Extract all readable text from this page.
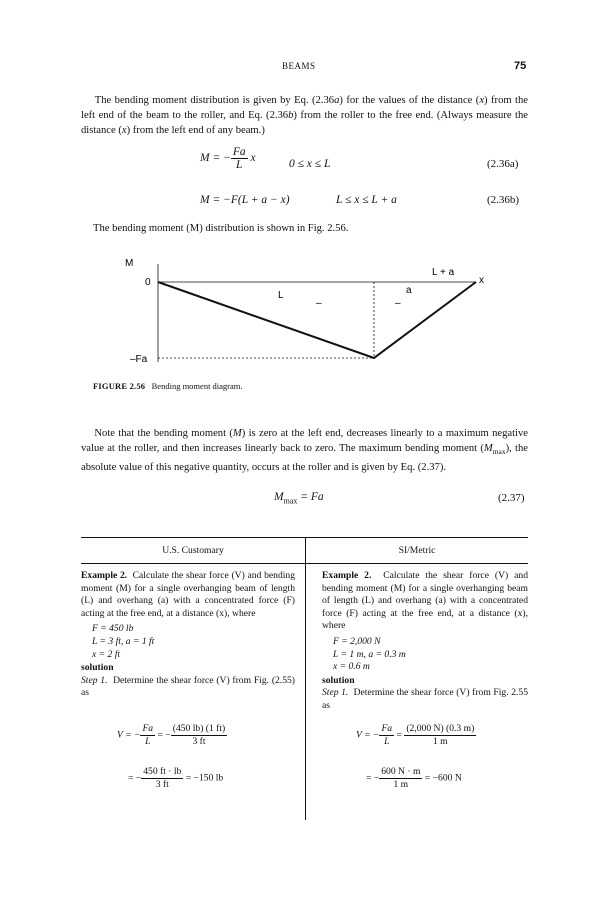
BEAMS	75
The bending moment distribution is given by Eq. (2.36a) for the values of the distance (x) from the left end of the beam to the roller, and Eq. (2.36b) from the roller to the free end. (Always measure the distance (x) from the left end of any beam.)
M = − $\frac{Fa}{L}$ x	0 ≤ x ≤ L	(2.36a)
M = −F(L + a − x)	L ≤ x ≤ L + a	(2.36b)
The bending moment (M) distribution is shown in Fig. 2.56.
M
0	x
L + a
L	a
–	–
–Fa
FIGURE 2.56 Bending moment diagram.
Note that the bending moment (M) is zero at the left end, decreases linearly to a maximum negative value at the roller, and then increases linearly back to zero. The maximum bending moment $(M_{max})$, the absolute value of this negative quantity, occurs at the roller and is given by Eq. (2.37).
$M_{max} = Fa$	(2.37)
U.S. Customary	SI/Metric
Example 2. Calculate the shear force (V) and bending moment (M) for a single overhanging beam of length (L) and overhang (a) with a concentrated force (F) acting at the free end, at a distance (x), where
F = 450 lb
L = 3 ft, a = 1 ft
x = 2 ft
solution
Step 1. Determine the shear force (V) from Fig. (2.55) as
V = − $\frac{Fa}{L}$ = − $\frac{(450 lb) (1 ft)}{3 ft}$
= − $\frac{450 ft \cdot lb}{3 ft} = -150$ lb
Example 2. Calculate the shear force (V) and bending moment (M) for a single overhanging beam of length (L) and overhang (a) with a concentrated force (F) acting at the free end, at a distance (x), where
F = 2,000 N
L = 1 m, a = 0.3 m
x = 0.6 m
solution
Step 1. Determine the shear force (V) from Fig. 2.55 as
V = − $\frac{Fa}{L} = \frac{(2,000 N) (0.3 m)}{1 m}$
= − $\frac{600 N \cdot m}{1 m} = -600$ N
